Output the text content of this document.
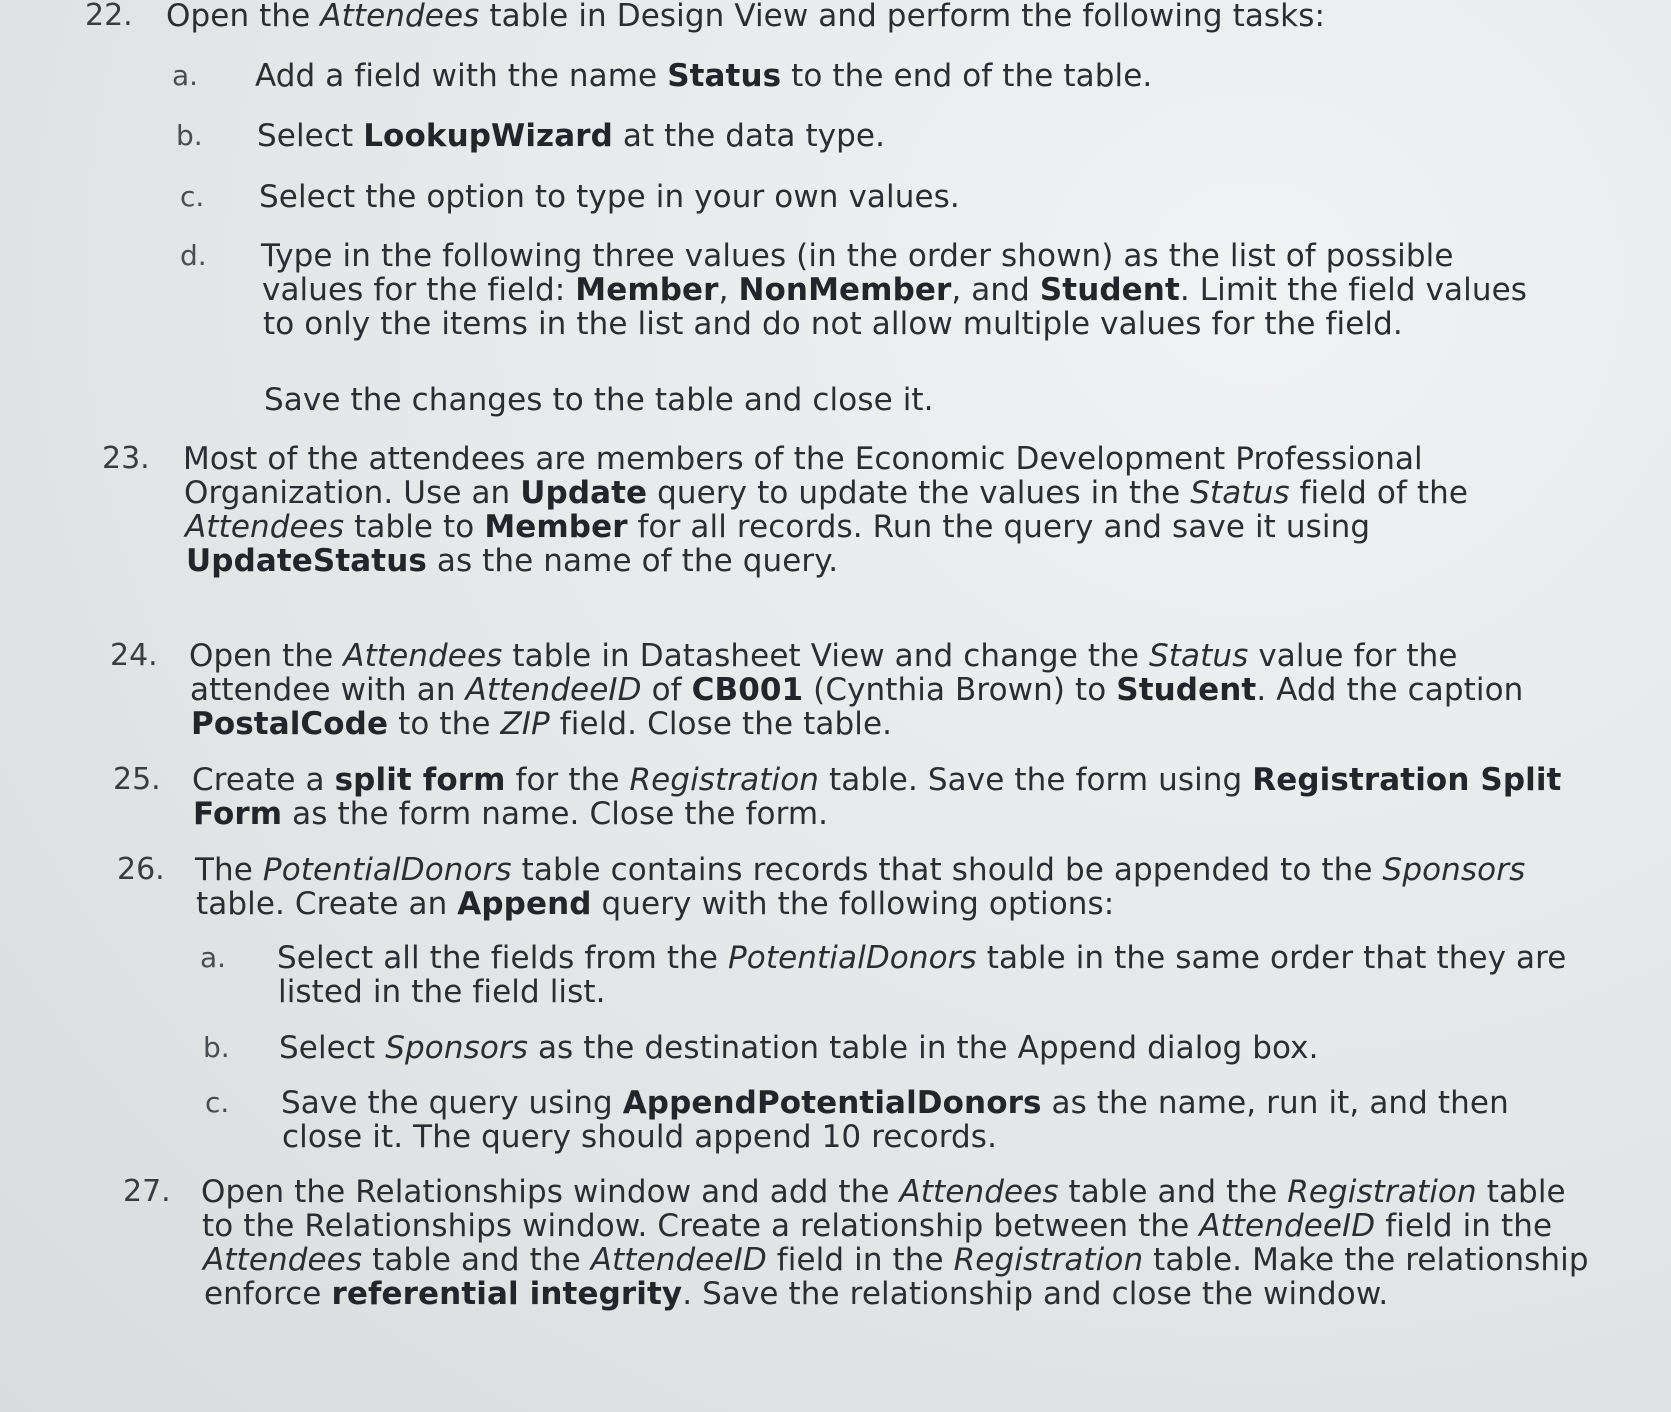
22. Open the Attendees table in Design View and perform the following tasks:
a. Add a field with the name Status to the end of the table.
b. Select LookupWizard at the data type.
c. Select the option to type in your own values.
d. Type in the following three values (in the order shown) as the list of possible
values for the field: Member, NonMember, and Student. Limit the field values
to only the items in the list and do not allow multiple values for the field.
Save the changes to the table and close it.
23. Most of the attendees are members of the Economic Development Professional
Organization. Use an Update query to update the values in the Status field of the
Attendees table to Member for all records. Run the query and save it using
UpdateStatus as the name of the query.
24. Open the Attendees table in Datasheet View and change the Status value for the
attendee with an AttendeeID of CB001 (Cynthia Brown) to Student. Add the caption
PostalCode to the ZIP field. Close the table.
25. Create a split form for the Registration table. Save the form using Registration Split
Form as the form name. Close the form.
26. The PotentialDonors table contains records that should be appended to the Sponsors
table. Create an Append query with the following options:
a. Select all the fields from the PotentialDonors table in the same order that they are
listed in the field list.
b. Select Sponsors as the destination table in the Append dialog box.
c. Save the query using AppendPotentialDonors as the name, run it, and then
close it. The query should append 10 records.
27. Open the Relationships window and add the Attendees table and the Registration table
to the Relationships window. Create a relationship between the AttendeeID field in the
Attendees table and the AttendeeID field in the Registration table. Make the relationship
enforce referential integrity. Save the relationship and close the window.
